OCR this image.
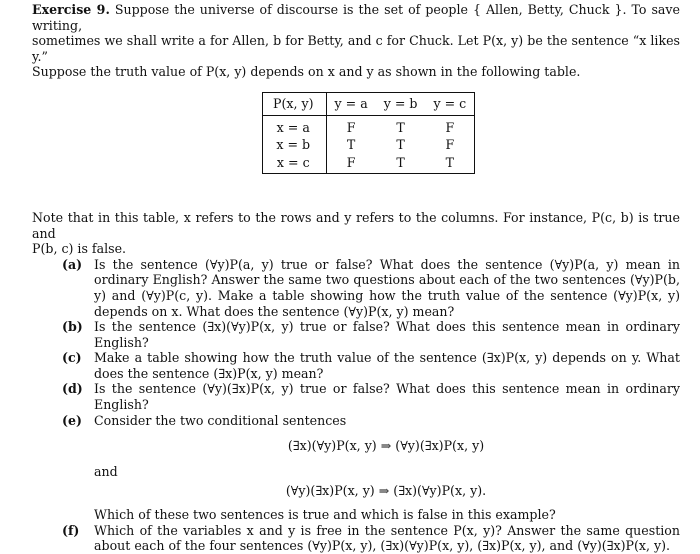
Exercise 9. Suppose the universe of discourse is the set of people { Allen, Betty, Chuck }. To save writing,
sometimes we shall write a for Allen, b for Betty, and c for Chuck. Let P(x, y) be the sentence “x likes y.”
Suppose the truth value of P(x, y) depends on x and y as shown in the following table.

P(x, y)	y = a	y = b	y = c
x = a	F	T	F
x = b	T	T	F
x = c	F	T	T

Note that in this table, x refers to the rows and y refers to the columns. For instance, P(c, b) is true and
P(b, c) is false.

(a) Is the sentence (∀y)P(a, y) true or false? What does the sentence (∀y)P(a, y) mean in ordinary English? Answer the same two questions about each of the two sentences (∀y)P(b, y) and (∀y)P(c, y). Make a table showing how the truth value of the sentence (∀y)P(x, y) depends on x. What does the sentence (∀y)P(x, y) mean?
(b) Is the sentence (∃x)(∀y)P(x, y) true or false? What does this sentence mean in ordinary English?
(c) Make a table showing how the truth value of the sentence (∃x)P(x, y) depends on y. What does the sentence (∃x)P(x, y) mean?
(d) Is the sentence (∀y)(∃x)P(x, y) true or false? What does this sentence mean in ordinary English?
(e) Consider the two conditional sentences
(∃x)(∀y)P(x, y) ⇒ (∀y)(∃x)P(x, y)
and
(∀y)(∃x)P(x, y) ⇒ (∃x)(∀y)P(x, y).
Which of these two sentences is true and which is false in this example?
(f) Which of the variables x and y is free in the sentence P(x, y)? Answer the same question about each of the four sentences (∀y)P(x, y), (∃x)(∀y)P(x, y), (∃x)P(x, y), and (∀y)(∃x)P(x, y).
